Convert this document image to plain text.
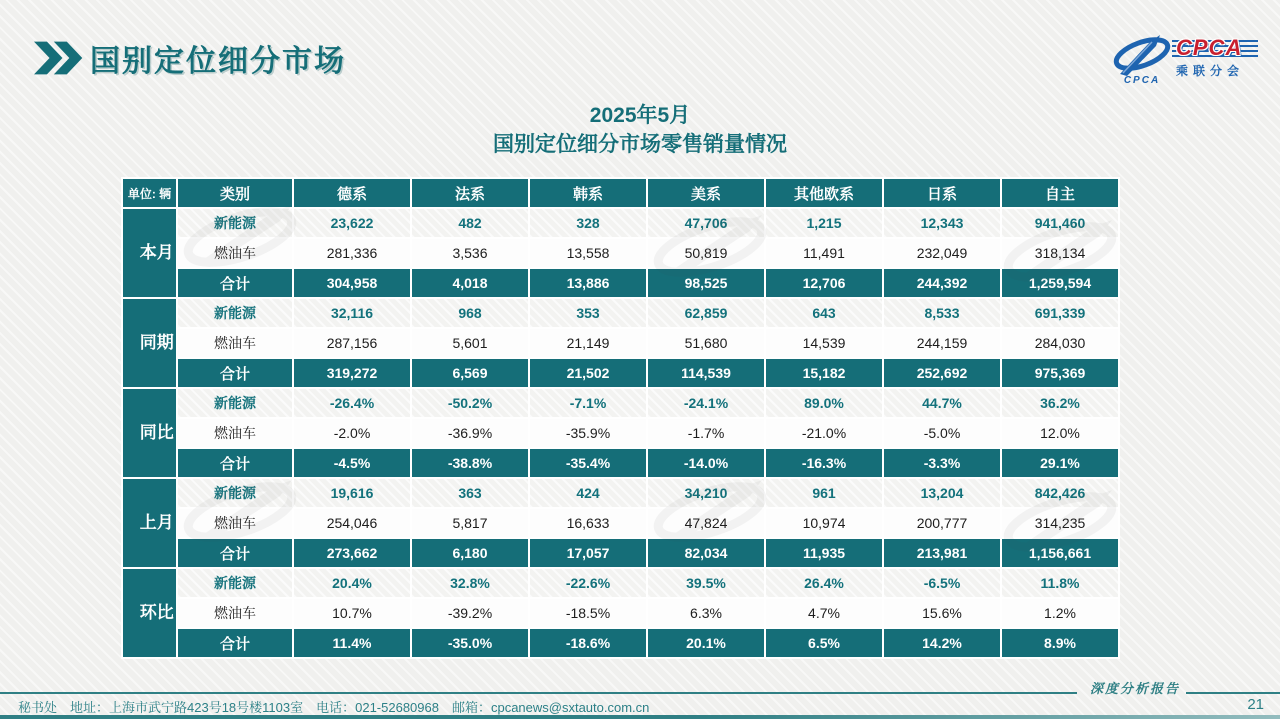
国别定位细分市场
CPCA
CPCA
乘联分会
2025年5月
国别定位细分市场零售销量情况
单位: 辆	类别	德系	法系	韩系	美系	其他欧系	日系	自主

本月	新能源	23,622	482	328	47,706	1,215	12,343	941,460
	燃油车	281,336	3,536	13,558	50,819	11,491	232,049	318,134
	合计	304,958	4,018	13,886	98,525	12,706	244,392	1,259,594

同期	新能源	32,116	968	353	62,859	643	8,533	691,339
	燃油车	287,156	5,601	21,149	51,680	14,539	244,159	284,030
	合计	319,272	6,569	21,502	114,539	15,182	252,692	975,369

同比	新能源	-26.4%	-50.2%	-7.1%	-24.1%	89.0%	44.7%	36.2%
	燃油车	-2.0%	-36.9%	-35.9%	-1.7%	-21.0%	-5.0%	12.0%
	合计	-4.5%	-38.8%	-35.4%	-14.0%	-16.3%	-3.3%	29.1%

上月	新能源	19,616	363	424	34,210	961	13,204	842,426
	燃油车	254,046	5,817	16,633	47,824	10,974	200,777	314,235
	合计	273,662	6,180	17,057	82,034	11,935	213,981	1,156,661

环比	新能源	20.4%	32.8%	-22.6%	39.5%	26.4%	-6.5%	11.8%
	燃油车	10.7%	-39.2%	-18.5%	6.3%	4.7%	15.6%	1.2%
	合计	11.4%	-35.0%	-18.6%	20.1%	6.5%	14.2%	8.9%
深度分析报告
秘书处　地址：上海市武宁路423号18号楼1103室　电话：021-52680968　邮箱：cpcanews@sxtauto.com.cn	21
